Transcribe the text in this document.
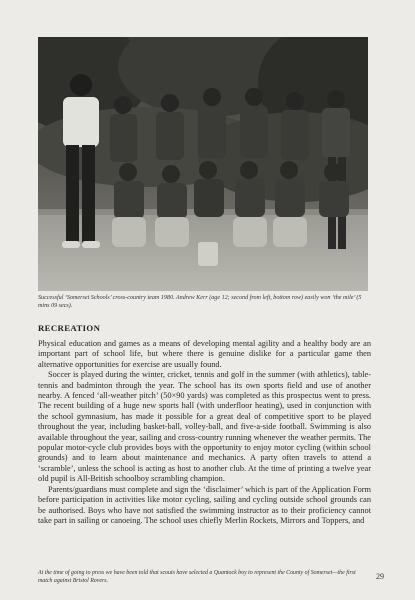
Successful ‘Somerset Schools’ cross-country team 1980. Andrew Kerr (age 12; second from left, bottom row) easily won ‘the mile’ (5 mins 09 secs).
RECREATION

Physical education and games as a means of developing mental agility and a healthy body are an important part of school life, but where there is genuine dislike for a particular game then alternative opportunities for exercise are usually found.

Soccer is played during the winter, cricket, tennis and golf in the summer (with athletics), table-tennis and badminton through the year. The school has its own sports field and use of another nearby. A fenced ‘all-weather pitch’ (50×90 yards) was completed as this prospectus went to press. The recent building of a huge new sports hall (with underfloor heating), used in conjunction with the school gymnasium, has made it possible for a great deal of competitive sport to be played throughout the year, including basket-ball, volley-ball, and five-a-side football. Swimming is also available throughout the year, sailing and cross-country running whenever the weather permits. The popular motor-cycle club provides boys with the opportunity to enjoy motor cycling (within school grounds) and to learn about maintenance and mechanics. A party often travels to attend a ‘scramble’, unless the school is acting as host to another club. At the time of printing a twelve year old pupil is All-British schoolboy scrambling champion.

Parents/guardians must complete and sign the ‘disclaimer’ which is part of the Application Form before participation in activities like motor cycling, sailing and cycling outside school grounds can be authorised. Boys who have not satisfied the swimming instructor as to their proficiency cannot take part in sailing or canoeing. The school uses chiefly Merlin Rockets, Mirrors and Toppers, and

At the time of going to press we have been told that scouts have selected a Quantock boy to represent the County of Somerset—the first match against Bristol Rovers.	29
